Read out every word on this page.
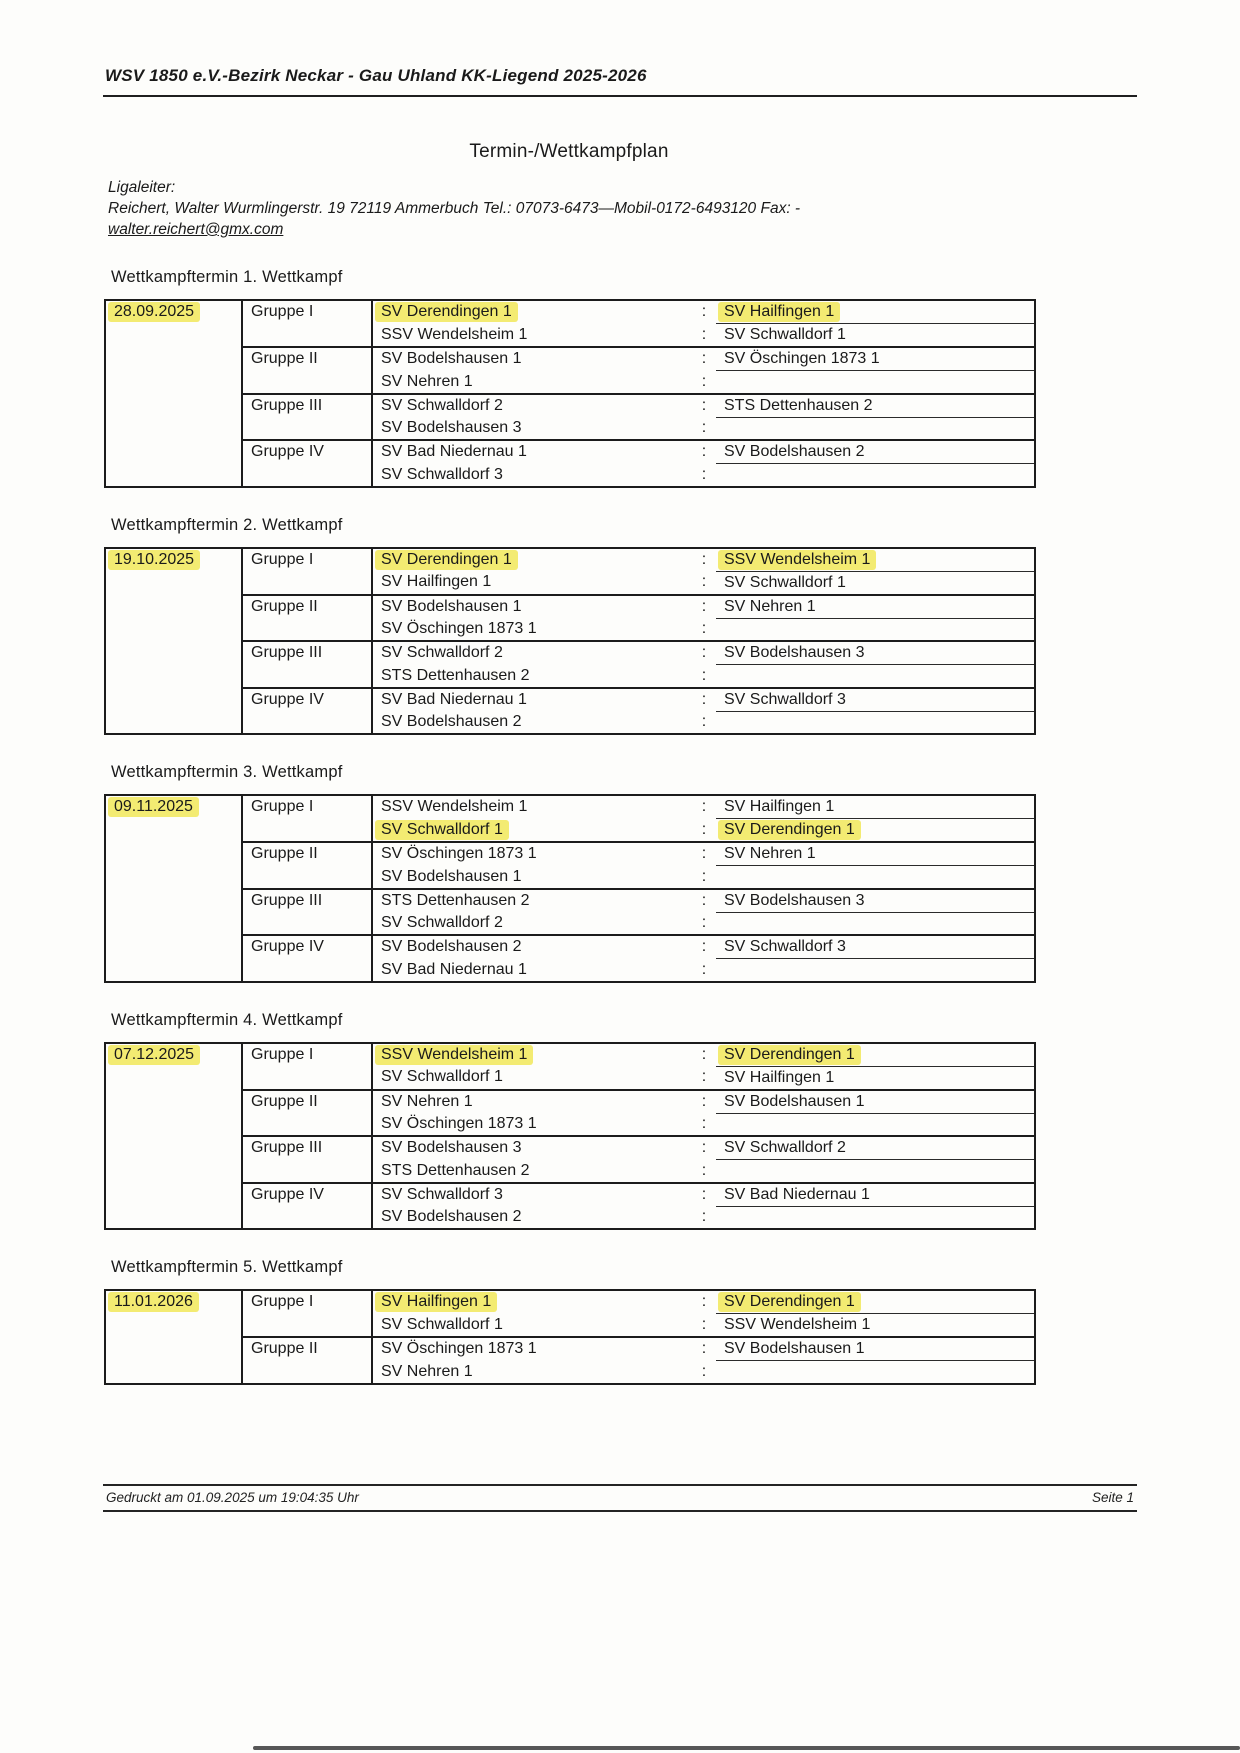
WSV 1850 e.V.-Bezirk Neckar - Gau Uhland KK-Liegend 2025-2026
Termin-/Wettkampfplan
Ligaleiter:
Reichert, Walter Wurmlingerstr. 19 72119 Ammerbuch Tel.: 07073-6473—Mobil-0172-6493120 Fax: -
walter.reichert@gmx.com
Wettkampftermin 1. Wettkampf
28.09.2025	Gruppe I	SV Derendingen 1	:	SV Hailfingen 1
		SSV Wendelsheim 1	:	SV Schwalldorf 1
	Gruppe II	SV Bodelshausen 1	:	SV Öschingen 1873 1
		SV Nehren 1	:	
	Gruppe III	SV Schwalldorf 2	:	STS Dettenhausen 2
		SV Bodelshausen 3	:	
	Gruppe IV	SV Bad Niedernau 1	:	SV Bodelshausen 2
		SV Schwalldorf 3	:	
Wettkampftermin 2. Wettkampf
19.10.2025	Gruppe I	SV Derendingen 1	:	SSV Wendelsheim 1
		SV Hailfingen 1	:	SV Schwalldorf 1
	Gruppe II	SV Bodelshausen 1	:	SV Nehren 1
		SV Öschingen 1873 1	:	
	Gruppe III	SV Schwalldorf 2	:	SV Bodelshausen 3
		STS Dettenhausen 2	:	
	Gruppe IV	SV Bad Niedernau 1	:	SV Schwalldorf 3
		SV Bodelshausen 2	:	
Wettkampftermin 3. Wettkampf
09.11.2025	Gruppe I	SSV Wendelsheim 1	:	SV Hailfingen 1
		SV Schwalldorf 1	:	SV Derendingen 1
	Gruppe II	SV Öschingen 1873 1	:	SV Nehren 1
		SV Bodelshausen 1	:	
	Gruppe III	STS Dettenhausen 2	:	SV Bodelshausen 3
		SV Schwalldorf 2	:	
	Gruppe IV	SV Bodelshausen 2	:	SV Schwalldorf 3
		SV Bad Niedernau 1	:	
Wettkampftermin 4. Wettkampf
07.12.2025	Gruppe I	SSV Wendelsheim 1	:	SV Derendingen 1
		SV Schwalldorf 1	:	SV Hailfingen 1
	Gruppe II	SV Nehren 1	:	SV Bodelshausen 1
		SV Öschingen 1873 1	:	
	Gruppe III	SV Bodelshausen 3	:	SV Schwalldorf 2
		STS Dettenhausen 2	:	
	Gruppe IV	SV Schwalldorf 3	:	SV Bad Niedernau 1
		SV Bodelshausen 2	:	
Wettkampftermin 5. Wettkampf
11.01.2026	Gruppe I	SV Hailfingen 1	:	SV Derendingen 1
		SV Schwalldorf 1	:	SSV Wendelsheim 1
	Gruppe II	SV Öschingen 1873 1	:	SV Bodelshausen 1
		SV Nehren 1	:	
Gedruckt am 01.09.2025 um 19:04:35 Uhr	Seite 1
